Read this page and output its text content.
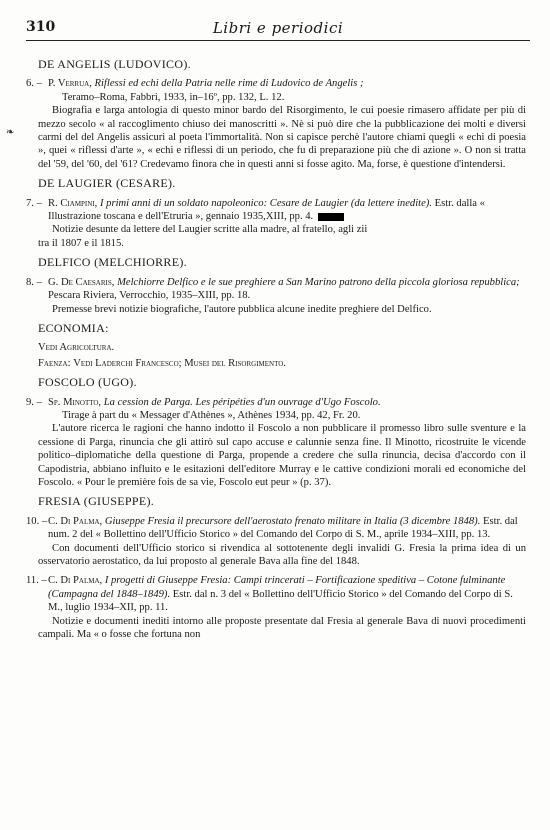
310	Libri e periodici
❧
DE ANGELIS (LUDOVICO).
6. – P. Verrua, Riflessi ed echi della Patria nelle rime di Ludovico de Angelis ;
Teramo–Roma, Fabbri, 1933, in–16º, pp. 132, L. 12.

Biografia e larga antologia di questo minor bardo del Risorgimento, le cui poesie rimasero affidate per più di mezzo secolo « al raccoglimento chiuso dei manoscritti ». Nè si può dire che la pubblicazione dei molti e diversi carmi del del Angelis assicuri al poeta l'immortalità. Non si capisce perchè l'autore chiami quegli « echi di poesia », quei « riflessi d'arte », « echi e riflessi di un periodo, che fu di preparazione più che di azione ». O non si tratta del '59, del '60, del '61? Credevamo finora che in questi anni si fosse agito. Ma, forse, è questione d'intendersi.

DE LAUGIER (CESARE).
7. – R. Ciampini, I primi anni di un soldato napoleonico: Cesare de Laugier (da lettere inedite). Estr. dalla « Illustrazione toscana e dell'Etruria », gennaio 1935,XIII, pp. 4.

Notizie desunte da lettere del Laugier scritte alla madre, al fratello, agli zii

tra il 1807 e il 1815.

DELFICO (MELCHIORRE).
8. – G. De Caesaris, Melchiorre Delfico e le sue preghiere a San Marino patrono della piccola gloriosa repubblica; Pescara Riviera, Verrocchio, 1935–XIII, pp. 18.

Premesse brevi notizie biografiche, l'autore pubblica alcune inedite preghiere del Delfico.

ECONOMIA:
Vedi Agricoltura.
Faenza: Vedi Laderchi Francesco; Musei del Risorgimento.
FOSCOLO (UGO).
9. – Sp. Minotto, La cession de Parga. Les péripéties d'un ouvrage d'Ugo Foscolo.
Tirage à part du « Messager d'Athènes », Athènes 1934, pp. 42, Fr. 20.

L'autore ricerca le ragioni che hanno indotto il Foscolo a non pubblicare il promesso libro sulle sventure e la cessione di Parga, rinuncia che gli attirò sul capo accuse e calunnie senza fine. Il Minotto, ricostruite le vicende politico–diplomatiche della questione di Parga, propende a credere che sulla rinuncia, decisa d'accordo con il Capodistria, abbiano influito e le esitazioni dell'editore Murray e le cattive condizioni morali ed economiche del Foscolo. « Pour le première fois de sa vie, Foscolo eut peur » (p. 37).

FRESIA (GIUSEPPE).
10. – C. Di Palma, Giuseppe Fresia il precursore dell'aerostato frenato militare in Italia (3 dicembre 1848). Estr. dal num. 2 del « Bollettino dell'Ufficio Storico » del Comando del Corpo di S. M., aprile 1934–XIII, pp. 13.

Con documenti dell'Ufficio storico si rivendica al sottotenente degli invalidi G. Fresia la prima idea di un osservatorio aerostatico, da lui proposto al generale Bava alla fine del 1848.

11. – C. Di Palma, I progetti di Giuseppe Fresia: Campi trincerati – Fortificazione speditiva – Cotone fulminante (Campagna del 1848–1849). Estr. dal n. 3 del « Bollettino dell'Ufficio Storico » del Comando del Corpo di S. M., luglio 1934–XII, pp. 11.

Notizie e documenti inediti intorno alle proposte presentate dal Fresia al generale Bava di nuovi procedimenti campali. Ma « o fosse che fortuna non
